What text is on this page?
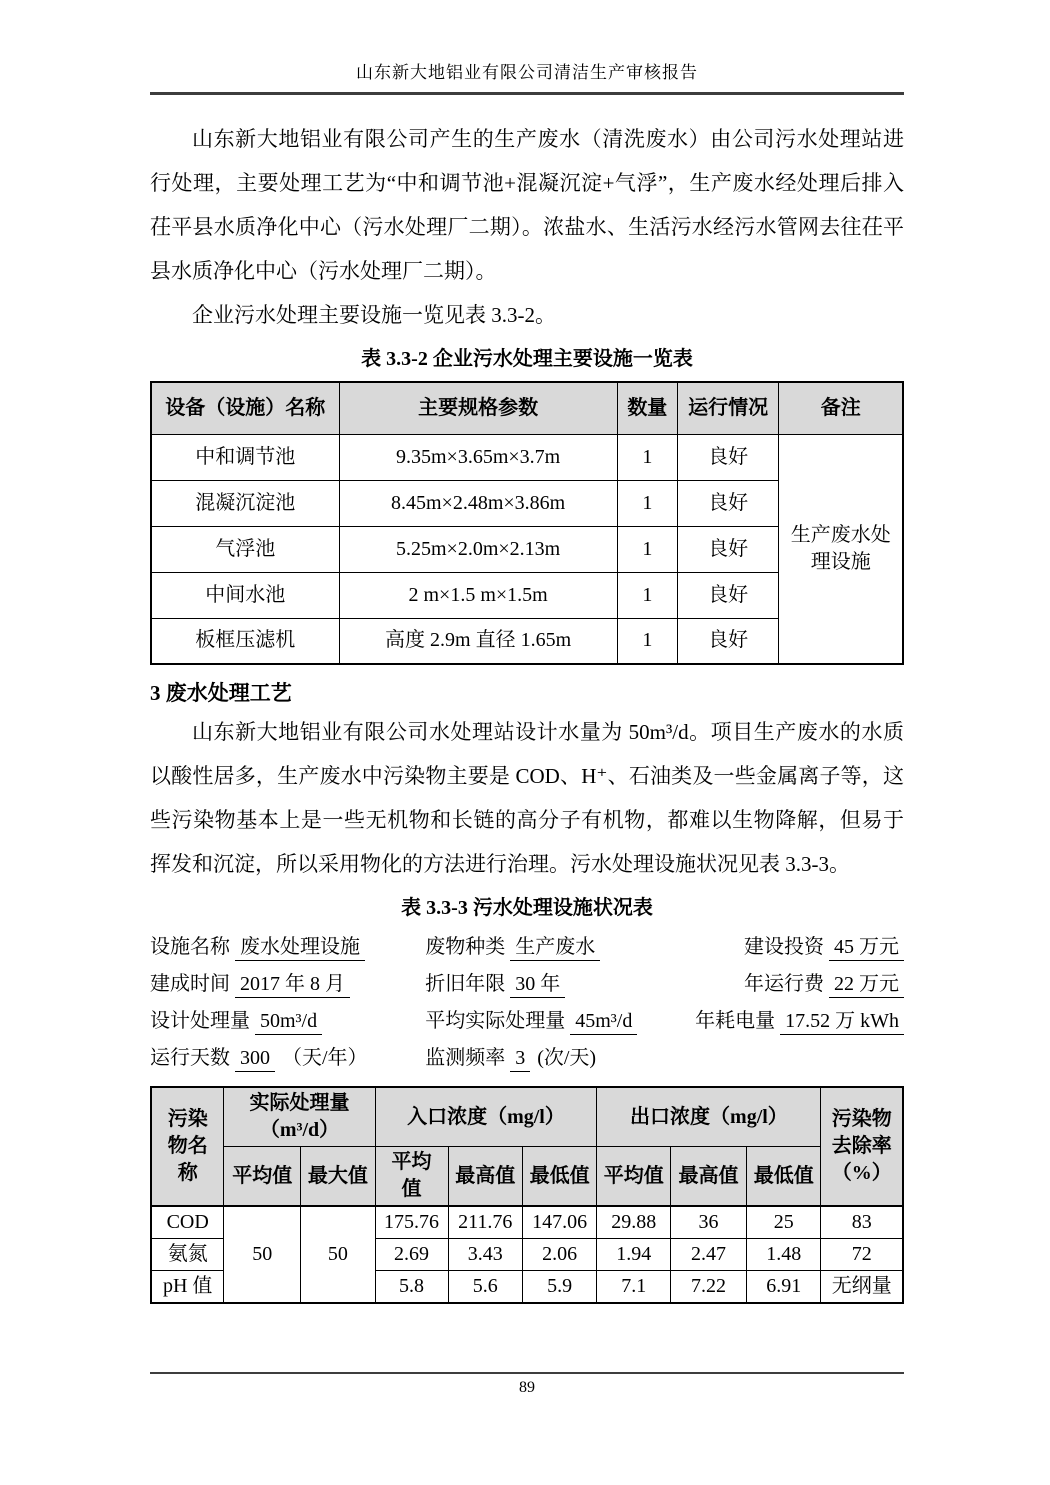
山东新大地铝业有限公司清洁生产审核报告

山东新大地铝业有限公司产生的生产废水（清洗废水）由公司污水处理站进行处理，主要处理工艺为“中和调节池+混凝沉淀+气浮”，生产废水经处理后排入茌平县水质净化中心（污水处理厂二期）。浓盐水、生活污水经污水管网去往茌平县水质净化中心（污水处理厂二期）。

企业污水处理主要设施一览见表 3.3-2。

表 3.3-2 企业污水处理主要设施一览表
设备（设施）名称	主要规格参数	数量	运行情况	备注
中和调节池	9.35m×3.65m×3.7m	1	良好	生产废水处理设施
混凝沉淀池	8.45m×2.48m×3.86m	1	良好	
气浮池	5.25m×2.0m×2.13m	1	良好	
中间水池	2 m×1.5 m×1.5m	1	良好	
板框压滤机	高度 2.9m 直径 1.65m	1	良好	
3 废水处理工艺

山东新大地铝业有限公司水处理站设计水量为 50m³/d。项目生产废水的水质以酸性居多，生产废水中污染物主要是 COD、H⁺、石油类及一些金属离子等，这些污染物基本上是一些无机物和长链的高分子有机物，都难以生物降解，但易于挥发和沉淀，所以采用物化的方法进行治理。污水处理设施状况见表 3.3-3。

表 3.3-3 污水处理设施状况表
设施名称 废水处理设施	废物种类 生产废水	建设投资 45 万元
建成时间 2017 年 8 月	折旧年限 30 年	年运行费 22 万元
设计处理量 50m³/d	平均实际处理量 45m³/d	年耗电量 17.52 万 kWh
运行天数 300 （天/年）	监测频率 3 (次/天)
污染物名称	实际处理量（m³/d）		入口浓度（mg/l）			出口浓度（mg/l）			污染物去除率（%）
	平均值	最大值	平均值	最高值	最低值	平均值	最高值	最低值	
COD	50	50	175.76	211.76	147.06	29.88	36	25	83
氨氮			2.69	3.43	2.06	1.94	2.47	1.48	72
pH 值			5.8	5.6	5.9	7.1	7.22	6.91	无纲量
89
